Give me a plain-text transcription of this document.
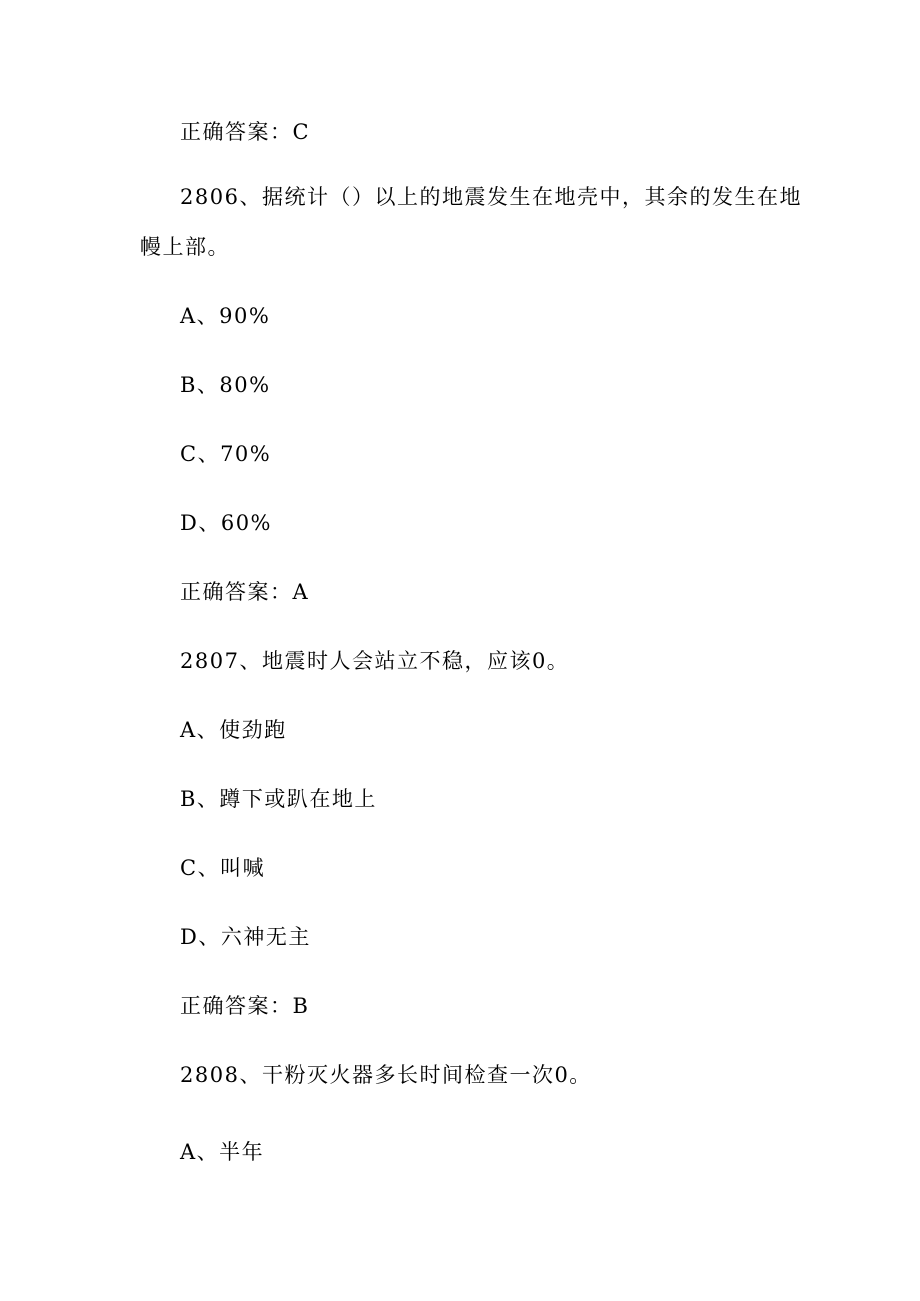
正确答案：C
2806、据统计（）以上的地震发生在地壳中，其余的发生在地
幔上部。
A、90%
B、80%
C、70%
D、60%
正确答案：A
2807、地震时人会站立不稳，应该0。
A、使劲跑
B、蹲下或趴在地上
C、叫喊
D、六神无主
正确答案：B
2808、干粉灭火器多长时间检查一次0。
A、半年
